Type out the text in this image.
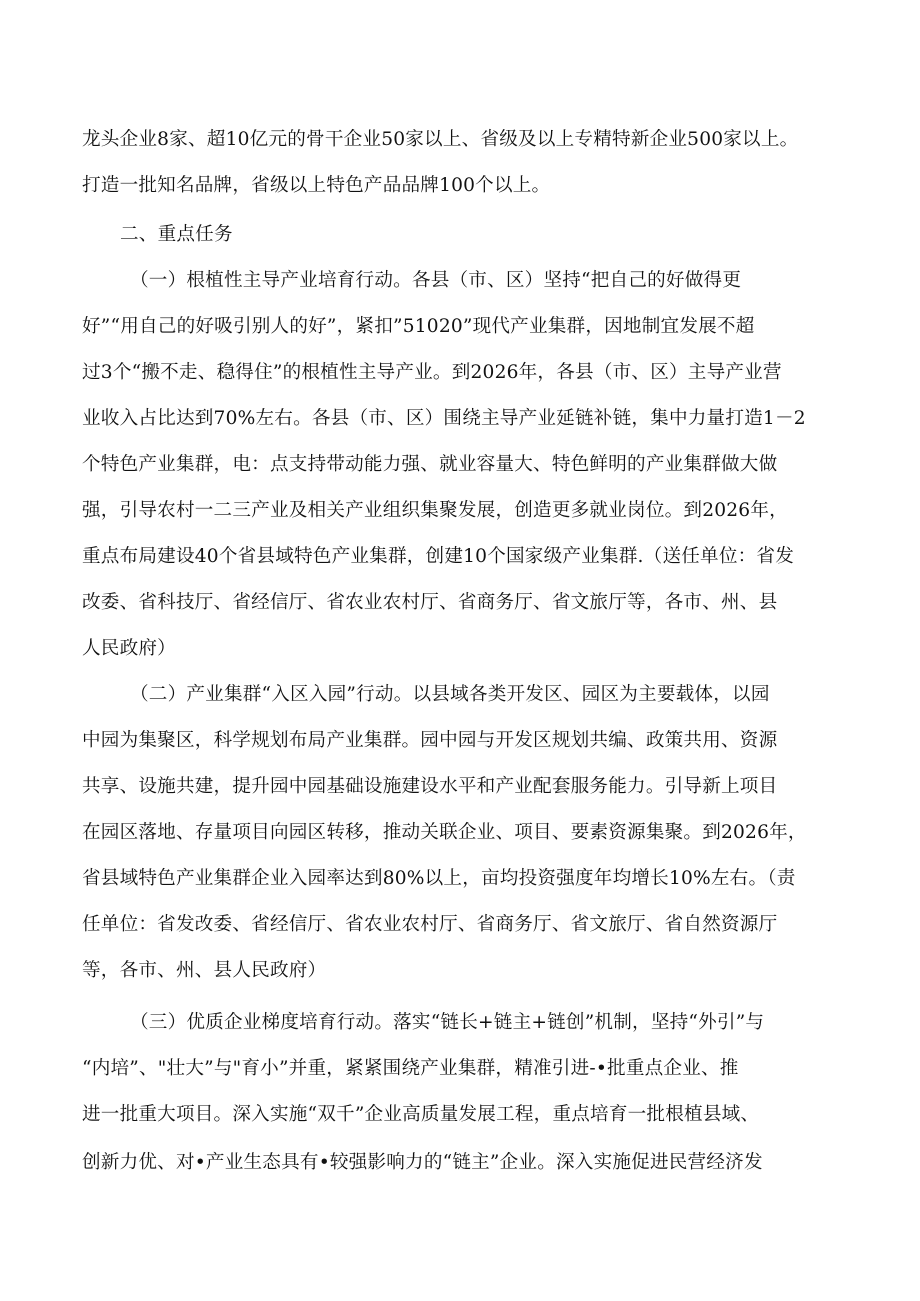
龙头企业8家、超10亿元的骨干企业50家以上、省级及以上专精特新企业500家以上。
打造一批知名品牌，省级以上特色产品品牌100个以上。
二、重点任务
（一）根植性主导产业培育行动。各县（市、区）坚持“把自己的好做得更
好”“用自己的好吸引别人的好”，紧扣”51020”现代产业集群，因地制宜发展不超
过3个“搬不走、稳得住”的根植性主导产业。到2026年，各县（市、区）主导产业营
业收入占比达到70%左右。各县（市、区）围绕主导产业延链补链，集中力量打造1－2
个特色产业集群，电：点支持带动能力强、就业容量大、特色鲜明的产业集群做大做
强，引导农村一二三产业及相关产业组织集聚发展，创造更多就业岗位。到2026年，
重点布局建设40个省县域特色产业集群，创建10个国家级产业集群.（送任单位：省发
改委、省科技厅、省经信厅、省农业农村厅、省商务厅、省文旅厅等，各市、州、县
人民政府）
（二）产业集群“入区入园”行动。以县域各类开发区、园区为主要载体，以园
中园为集聚区，科学规划布局产业集群。园中园与开发区规划共编、政策共用、资源
共享、设施共建，提升园中园基础设施建设水平和产业配套服务能力。引导新上项目
在园区落地、存量项目向园区转移，推动关联企业、项目、要素资源集聚。到2026年，
省县域特色产业集群企业入园率达到80%以上，亩均投资强度年均增长10%左右。（责
任单位：省发改委、省经信厅、省农业农村厅、省商务厅、省文旅厅、省自然资源厅
等，各市、州、县人民政府）
（三）优质企业梯度培育行动。落实“链长+链主+链创”机制，坚持“外引”与
“内培”、"壮大”与"育小”并重，紧紧围绕产业集群，精准引进-•批重点企业、推
进一批重大项目。深入实施“双千”企业高质量发展工程，重点培育一批根植县域、
创新力优、对•产业生态具有•较强影响力的“链主”企业。深入实施促进民营经济发
